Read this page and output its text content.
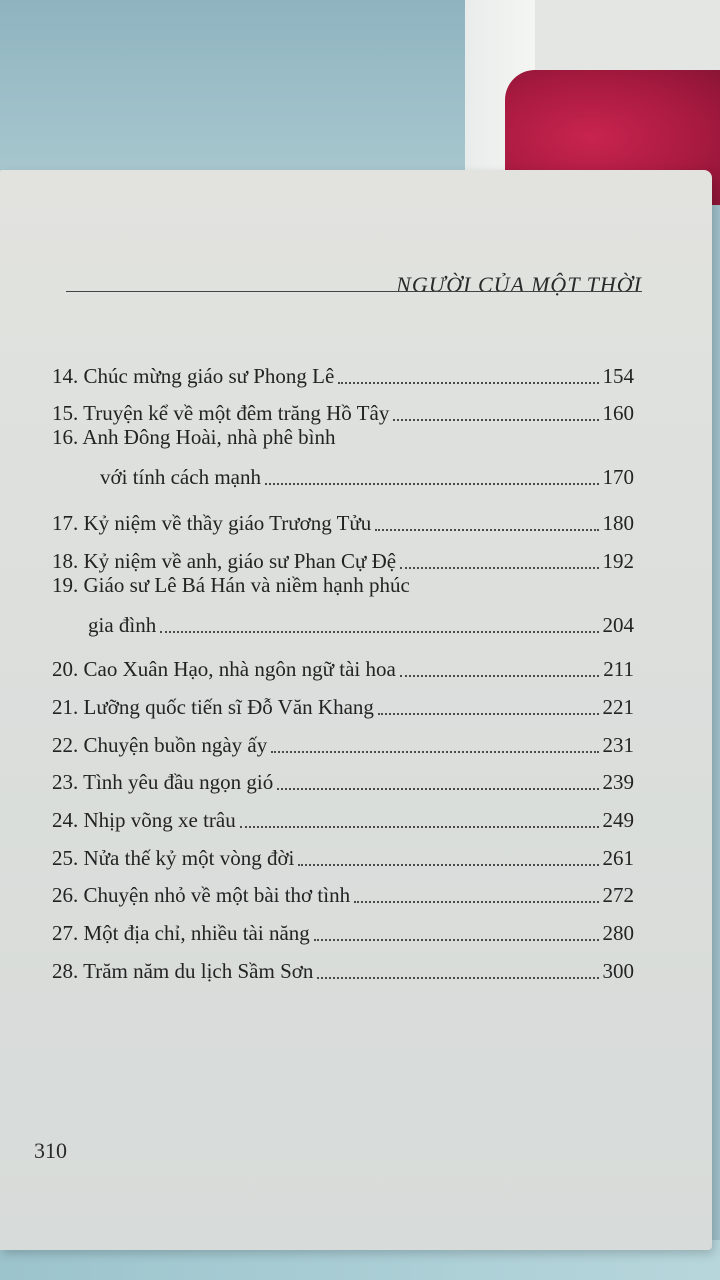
NGƯỜI CỦA MỘT THỜI
14. Chúc mừng giáo sư Phong Lê	154
15. Truyện kể về một đêm trăng Hồ Tây	160
16. Anh Đông Hoài, nhà phê bình
với tính cách mạnh	170
17. Kỷ niệm về thầy giáo Trương Tửu	180
18. Kỷ niệm về anh, giáo sư Phan Cự Đệ	192
19. Giáo sư Lê Bá Hán và niềm hạnh phúc
gia đình	204
20. Cao Xuân Hạo, nhà ngôn ngữ tài hoa	211
21. Lưỡng quốc tiến sĩ Đỗ Văn Khang	221
22. Chuyện buồn ngày ấy	231
23. Tình yêu đầu ngọn gió	239
24. Nhịp võng xe trâu	249
25. Nửa thế kỷ một vòng đời	261
26. Chuyện nhỏ về một bài thơ tình	272
27. Một địa chỉ, nhiều tài năng	280
28. Trăm năm du lịch Sầm Sơn	300
310
